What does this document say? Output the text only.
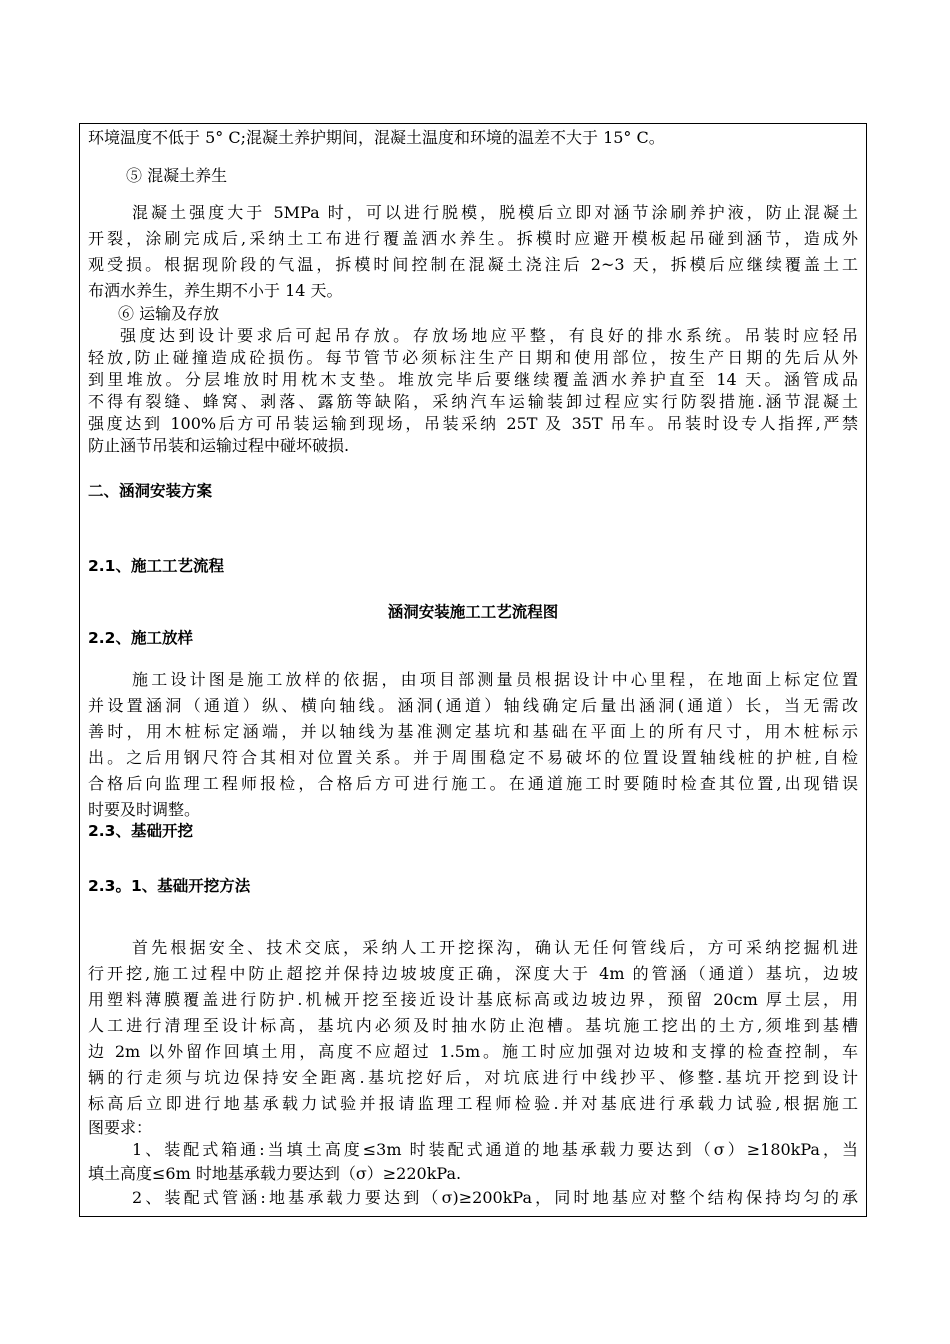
环境温度不低于 5° C;混凝土养护期间，混凝土温度和环境的温差不大于 15° C。
⑤ 混凝土养生
混凝土强度大于 5MPa 时，可以进行脱模，脱模后立即对涵节涂刷养护液，防止混凝土
开裂，涂刷完成后,采纳土工布进行覆盖洒水养生。拆模时应避开模板起吊碰到涵节，造成外
观受损。根据现阶段的气温，拆模时间控制在混凝土浇注后 2~3 天，拆模后应继续覆盖土工
布洒水养生，养生期不小于 14 天。
⑥ 运输及存放
强度达到设计要求后可起吊存放。存放场地应平整，有良好的排水系统。吊装时应轻吊
轻放,防止碰撞造成砼损伤。每节管节必须标注生产日期和使用部位，按生产日期的先后从外
到里堆放。分层堆放时用枕木支垫。堆放完毕后要继续覆盖洒水养护直至 14 天。涵管成品
不得有裂缝、蜂窝、剥落、露筋等缺陷，采纳汽车运输装卸过程应实行防裂措施.涵节混凝土
强度达到 100%后方可吊装运输到现场，吊装采纳 25T 及 35T 吊车。吊装时设专人指挥,严禁
防止涵节吊装和运输过程中碰坏破损.
二、涵洞安装方案
2.1、施工工艺流程
涵洞安装施工工艺流程图
2.2、施工放样
施工设计图是施工放样的依据，由项目部测量员根据设计中心里程，在地面上标定位置
并设置涵洞（通道）纵、横向轴线。涵洞(通道）轴线确定后量出涵洞(通道）长，当无需改
善时，用木桩标定涵端，并以轴线为基准测定基坑和基础在平面上的所有尺寸，用木桩标示
出。之后用钢尺符合其相对位置关系。并于周围稳定不易破坏的位置设置轴线桩的护桩,自检
合格后向监理工程师报检，合格后方可进行施工。在通道施工时要随时检查其位置,出现错误
时要及时调整。
2.3、基础开挖
2.3。1、基础开挖方法
首先根据安全、技术交底，采纳人工开挖探沟，确认无任何管线后，方可采纳挖掘机进
行开挖,施工过程中防止超挖并保持边坡坡度正确，深度大于 4m 的管涵（通道）基坑，边坡
用塑料薄膜覆盖进行防护.机械开挖至接近设计基底标高或边坡边界，预留 20cm 厚土层，用
人工进行清理至设计标高，基坑内必须及时抽水防止泡槽。基坑施工挖出的土方,须堆到基槽
边 2m 以外留作回填土用，高度不应超过 1.5m。施工时应加强对边坡和支撑的检查控制，车
辆的行走须与坑边保持安全距离.基坑挖好后，对坑底进行中线抄平、修整.基坑开挖到设计
标高后立即进行地基承载力试验并报请监理工程师检验.并对基底进行承载力试验,根据施工
图要求：
1、装配式箱通:当填土高度≤3m 时装配式通道的地基承载力要达到（σ）≥180kPa，当
填土高度≤6m 时地基承载力要达到（σ）≥220kPa.
2、装配式管涵:地基承载力要达到（σ)≥200kPa，同时地基应对整个结构保持均匀的承
